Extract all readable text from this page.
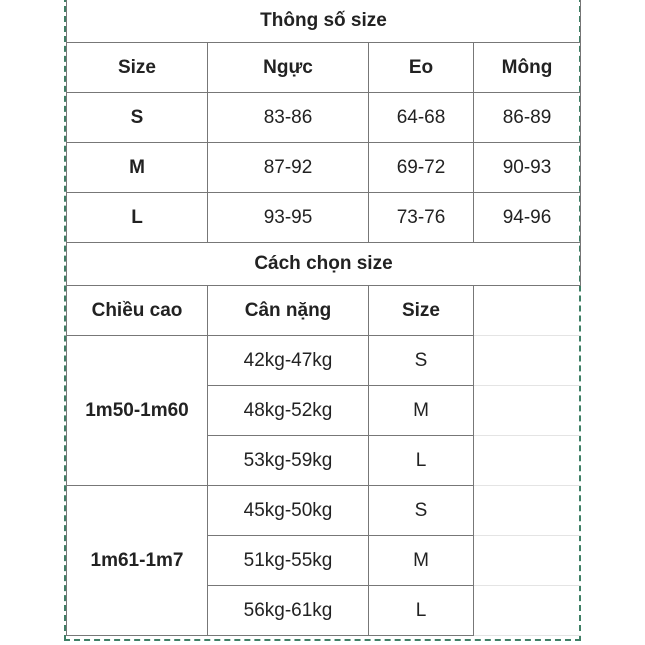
Thông số size			
Size	Ngực	Eo	Mông
S	83-86	64-68	86-89
M	87-92	69-72	90-93
L	93-95	73-76	94-96
Cách chọn size			
Chiều cao	Cân nặng	Size	
1m50-1m60	42kg-47kg	S	
	48kg-52kg	M	
	53kg-59kg	L	
1m61-1m7	45kg-50kg	S	
	51kg-55kg	M	
	56kg-61kg	L	
